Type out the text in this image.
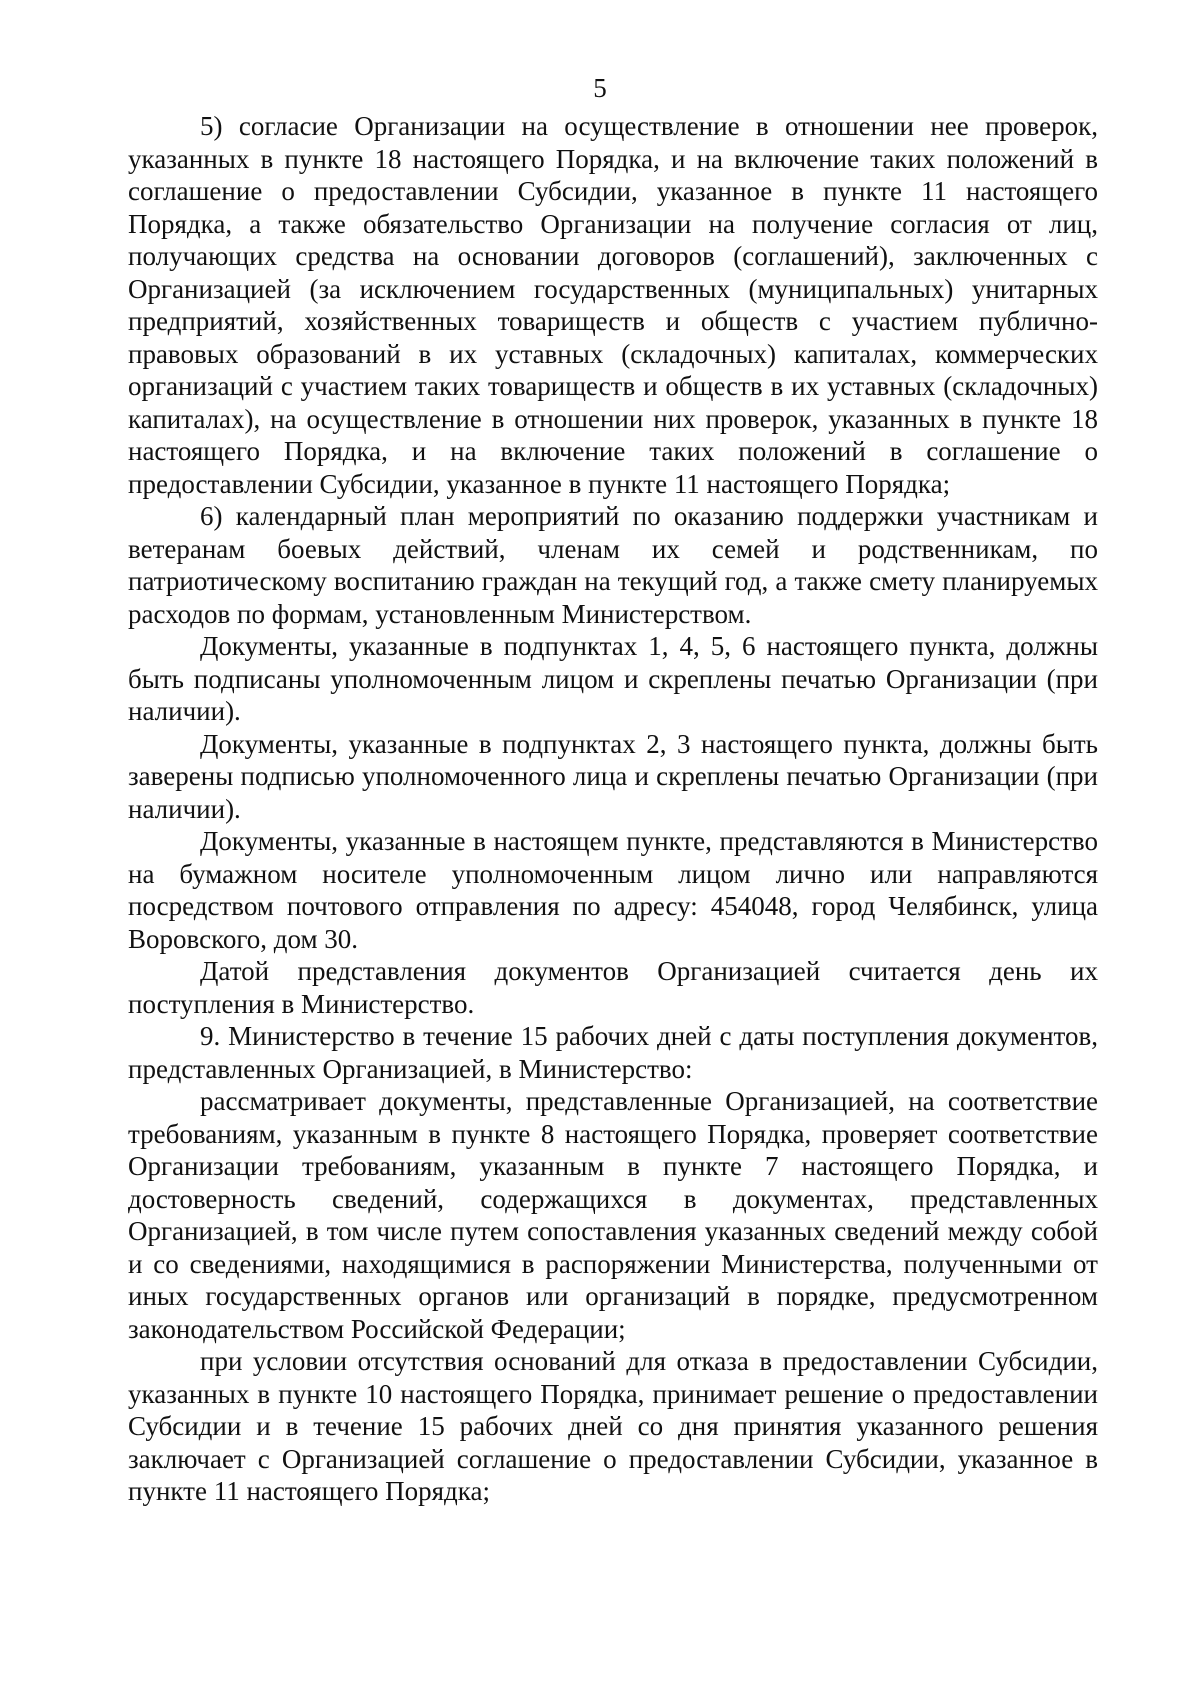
5

5) согласие Организации на осуществление в отношении нее проверок, указанных в пункте 18 настоящего Порядка, и на включение таких положений в соглашение о предоставлении Субсидии, указанное в пункте 11 настоящего Порядка, а также обязательство Организации на получение согласия от лиц, получающих средства на основании договоров (соглашений), заключенных с Организацией (за исключением государственных (муниципальных) унитарных предприятий, хозяйственных товариществ и обществ с участием публично-правовых образований в их уставных (складочных) капиталах, коммерческих организаций с участием таких товариществ и обществ в их уставных (складочных) капиталах), на осуществление в отношении них проверок, указанных в пункте 18 настоящего Порядка, и на включение таких положений в соглашение о предоставлении Субсидии, указанное в пункте 11 настоящего Порядка;

6) календарный план мероприятий по оказанию поддержки участникам и ветеранам боевых действий, членам их семей и родственникам, по патриотическому воспитанию граждан на текущий год, а также смету планируемых расходов по формам, установленным Министерством.

Документы, указанные в подпунктах 1, 4, 5, 6 настоящего пункта, должны быть подписаны уполномоченным лицом и скреплены печатью Организации (при наличии).

Документы, указанные в подпунктах 2, 3 настоящего пункта, должны быть заверены подписью уполномоченного лица и скреплены печатью Организации (при наличии).

Документы, указанные в настоящем пункте, представляются в Министерство на бумажном носителе уполномоченным лицом лично или направляются посредством почтового отправления по адресу: 454048, город Челябинск, улица Воровского, дом 30.

Датой представления документов Организацией считается день их поступления в Министерство.

9. Министерство в течение 15 рабочих дней с даты поступления документов, представленных Организацией, в Министерство:

рассматривает документы, представленные Организацией, на соответствие требованиям, указанным в пункте 8 настоящего Порядка, проверяет соответствие Организации требованиям, указанным в пункте 7 настоящего Порядка, и достоверность сведений, содержащихся в документах, представленных Организацией, в том числе путем сопоставления указанных сведений между собой и со сведениями, находящимися в распоряжении Министерства, полученными от иных государственных органов или организаций в порядке, предусмотренном законодательством Российской Федерации;

при условии отсутствия оснований для отказа в предоставлении Субсидии, указанных в пункте 10 настоящего Порядка, принимает решение о предоставлении Субсидии и в течение 15 рабочих дней со дня принятия указанного решения заключает с Организацией соглашение о предоставлении Субсидии, указанное в пункте 11 настоящего Порядка;
